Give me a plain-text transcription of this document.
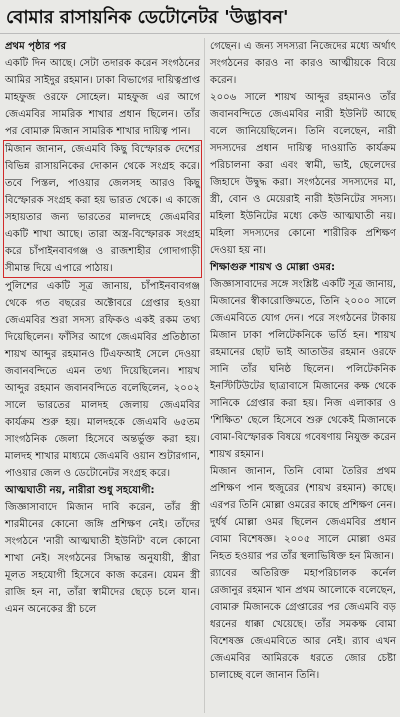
বোমার রাসায়নিক ডেটোনেটর 'উদ্ভাবন'

প্রথম পৃষ্ঠার পর

একটি দিন আছে। সেটা তদারক করেন সংগঠনের আমির সাইদুর রহমান। ঢাকা বিভাগের দায়িত্বপ্রাপ্ত মাহফুজ ওরফে সোহেল। মাহফুজ এর আগে জেএমবির সামরিক শাখার প্রধান ছিলেন। তাঁর পর বোমারু মিজান সামরিক শাখার দায়িত্ব পান।

মিজান জানান, জেএমবি কিছু বিস্ফোরক দেশের বিভিন্ন রাসায়নিকের দোকান থেকে সংগ্রহ করে। তবে পিস্তল, পাওয়ার জেলসহ আরও কিছু বিস্ফোরক সংগ্রহ করা হয় ভারত থেকে। এ কাজে সহায়তার জন্য ভারতের মালদহে জেএমবির একটি শাখা আছে। তারা অস্ত্র-বিস্ফোরক সংগ্রহ করে চাঁপাইনবাবগঞ্জ ও রাজশাহীর গোদাগাড়ী সীমান্ত দিয়ে এপারে পাঠায়।

পুলিশের একটি সূত্র জানায়, চাঁপাইনবাবগঞ্জ থেকে গত বছরের অক্টোবরে গ্রেপ্তার হওয়া জেএমবির শুরা সদস্য রফিকও একই রকম তথ্য দিয়েছিলেন। ফাঁসির আগে জেএমবির প্রতিষ্ঠাতা শায়খ আব্দুর রহমানও টিএফআই সেলে দেওয়া জবানবন্দিতে এমন তথ্য দিয়েছিলেন। শায়খ আব্দুর রহমান জবানবন্দিতে বলেছিলেন, ২০০২ সালে ভারতের মালদহ জেলায় জেএমবির কার্যক্রম শুরু হয়। মালদহকে জেএমবি ৬৫তম সাংগঠনিক জেলা হিসেবে অন্তর্ভুক্ত করা হয়। মালদহ শাখার মাধ্যমে জেএমবি ওয়ান শুটারগান, পাওয়ার জেল ও ডেটোনেটর সংগ্রহ করে।

আত্মঘাতী নয়, নারীরা শুধু সহযোগী:

জিজ্ঞাসাবাদে মিজান দাবি করেন, তাঁর স্ত্রী শারমীনের কোনো জঙ্গি প্রশিক্ষণ নেই। তাঁদের সংগঠনে 'নারী আত্মঘাতী ইউনিট' বলে কোনো শাখা নেই। সংগঠনের সিদ্ধান্ত অনুযায়ী, স্ত্রীরা মূলত সহযোগী হিসেবে কাজ করেন। যেমন স্ত্রী রাজি হন না, তাঁরা স্বামীদের ছেড়ে চলে যান। এমন অনেকের স্ত্রী চলে

গেছেন। এ জন্য সদস্যরা নিজেদের মধ্যে অর্থাৎ সংগঠনের কারও না কারও আত্মীয়কে বিয়ে করেন।

২০০৬ সালে শায়খ আব্দুর রহমানও তাঁর জবানবন্দিতে জেএমবির নারী ইউনিট আছে বলে জানিয়েছিলেন। তিনি বলেছেন, নারী সদস্যদের প্রধান দায়িত্ব দাওয়াতি কার্যক্রম পরিচালনা করা এবং স্বামী, ভাই, ছেলেদের জিহাদে উদ্বুদ্ধ করা। সংগঠনের সদস্যদের মা, স্ত্রী, বোন ও মেয়েরাই নারী ইউনিটের সদস্য। মহিলা ইউনিটের মধ্যে কেউ আত্মঘাতী নয়। মহিলা সদস্যদের কোনো শারীরিক প্রশিক্ষণ দেওয়া হয় না।

শিক্ষাগুরু শায়খ ও মোল্লা ওমর:

জিজ্ঞাসাবাদের সঙ্গে সংশ্লিষ্ট একটি সূত্র জানায়, মিজানের স্বীকারোক্তিমতে, তিনি ২০০০ সালে জেএমবিতে যোগ দেন। পরে সংগঠনের টাকায় মিজান ঢাকা পলিটেকনিকে ভর্তি হন। শায়খ রহমানের ছোট ভাই আতাউর রহমান ওরফে সানি তাঁর ঘনিষ্ঠ ছিলেন। পলিটেকনিক ইনস্টিটিউটের ছাত্রাবাসে মিজানের কক্ষ থেকে সানিকে গ্রেপ্তার করা হয়। নিজ এলাকার ও 'শিক্ষিত' ছেলে হিসেবে শুরু থেকেই মিজানকে বোমা-বিস্ফোরক বিষয়ে গবেষণায় নিযুক্ত করেন শায়খ রহমান।

মিজান জানান, তিনি বোমা তৈরির প্রথম প্রশিক্ষণ পান হুজুরের (শায়খ রহমান) কাছে। এরপর তিনি মোল্লা ওমরের কাছে প্রশিক্ষণ নেন। দুর্ধর্ষ মোল্লা ওমর ছিলেন জেএমবির প্রধান বোমা বিশেষজ্ঞ। ২০০৫ সালে মোল্লা ওমর নিহত হওয়ার পর তাঁর স্থলাভিষিক্ত হন মিজান।

র‍্যাবের অতিরিক্ত মহাপরিচালক কর্নেল রেজানুর রহমান খান প্রথম আলোকে বলেছেন, বোমারু মিজানকে গ্রেপ্তারের পর জেএমবি বড় ধরনের ধাক্কা খেয়েছে। তাঁর সমকক্ষ বোমা বিশেষজ্ঞ জেএমবিতে আর নেই। র‍্যাব এখন জেএমবির আমিরকে ধরতে জোর চেষ্টা চালাচ্ছে বলে জানান তিনি।
